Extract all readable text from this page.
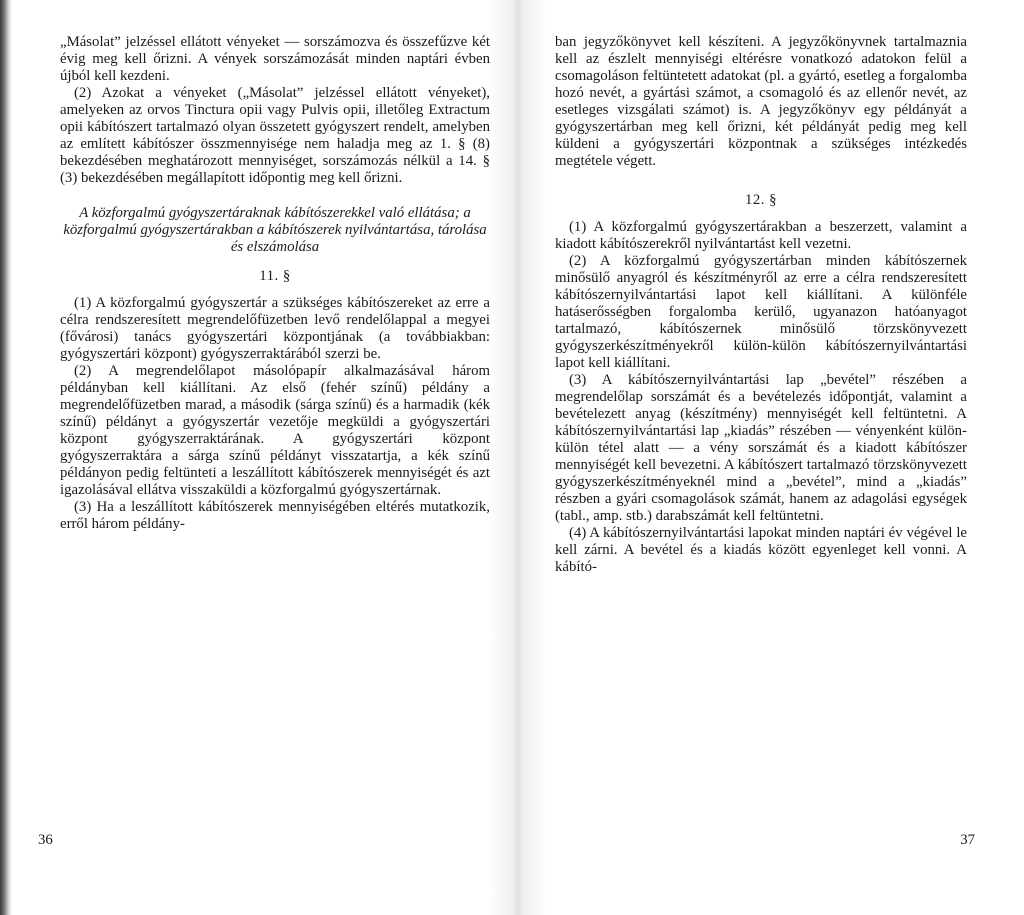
„Másolat” jelzéssel ellátott vényeket — sorszámozva és összefűzve két évig meg kell őrizni. A vények sorszámozását minden naptári évben újból kell kezdeni.

(2) Azokat a vényeket („Másolat” jelzéssel ellátott vényeket), amelyeken az orvos Tinctura opii vagy Pulvis opii, illetőleg Extractum opii kábítószert tartalmazó olyan összetett gyógyszert rendelt, amelyben az említett kábítószer összmennyisége nem haladja meg az 1. § (8) bekezdésében meghatározott mennyiséget, sorszámozás nélkül a 14. § (3) bekezdésében megállapított időpontig meg kell őrizni.

A közforgalmú gyógyszertáraknak kábítószerekkel való ellátása; a közforgalmú gyógyszertárakban a kábítószerek nyilvántartása, tárolása és elszámolása
11. §

(1) A közforgalmú gyógyszertár a szükséges kábítószereket az erre a célra rendszeresített megrendelőfüzetben levő rendelőlappal a megyei (fővárosi) tanács gyógyszertári központjának (a továbbiakban: gyógyszertári központ) gyógyszerraktárából szerzi be.

(2) A megrendelőlapot másolópapír alkalmazásával három példányban kell kiállítani. Az első (fehér színű) példány a megrendelőfüzetben marad, a második (sárga színű) és a harmadik (kék színű) példányt a gyógyszertár vezetője megküldi a gyógyszertári központ gyógyszerraktárának. A gyógyszertári központ gyógyszerraktára a sárga színű példányt visszatartja, a kék színű példányon pedig feltünteti a leszállított kábítószerek mennyiségét és azt igazolásával ellátva visszaküldi a közforgalmú gyógyszertárnak.

(3) Ha a leszállított kábítószerek mennyiségében eltérés mutatkozik, erről három példány-

36

ban jegyzőkönyvet kell készíteni. A jegyzőkönyvnek tartalmaznia kell az észlelt mennyiségi eltérésre vonatkozó adatokon felül a csomagoláson feltüntetett adatokat (pl. a gyártó, esetleg a forgalomba hozó nevét, a gyártási számot, a csomagoló és az ellenőr nevét, az esetleges vizsgálati számot) is. A jegyzőkönyv egy példányát a gyógyszertárban meg kell őrizni, két példányát pedig meg kell küldeni a gyógyszertári központnak a szükséges intézkedés megtétele végett.

12. §

(1) A közforgalmú gyógyszertárakban a beszerzett, valamint a kiadott kábítószerekről nyilvántartást kell vezetni.

(2) A közforgalmú gyógyszertárban minden kábítószernek minősülő anyagról és készítményről az erre a célra rendszeresített kábítószernyilvántartási lapot kell kiállítani. A különféle hatáserősségben forgalomba kerülő, ugyanazon hatóanyagot tartalmazó, kábítószernek minősülő törzskönyvezett gyógyszerkészítményekről külön-külön kábítószernyilvántartási lapot kell kiállítani.

(3) A kábítószernyilvántartási lap „bevétel” részében a megrendelőlap sorszámát és a bevételezés időpontját, valamint a bevételezett anyag (készítmény) mennyiségét kell feltüntetni. A kábítószernyilvántartási lap „kiadás” részében — vényenként külön-külön tétel alatt — a vény sorszámát és a kiadott kábítószer mennyiségét kell bevezetni. A kábítószert tartalmazó törzskönyvezett gyógyszerkészítményeknél mind a „bevétel”, mind a „kiadás” részben a gyári csomagolások számát, hanem az adagolási egységek (tabl., amp. stb.) darabszámát kell feltüntetni.

(4) A kábítószernyilvántartási lapokat minden naptári év végével le kell zárni. A bevétel és a kiadás között egyenleget kell vonni. A kábító-

37
